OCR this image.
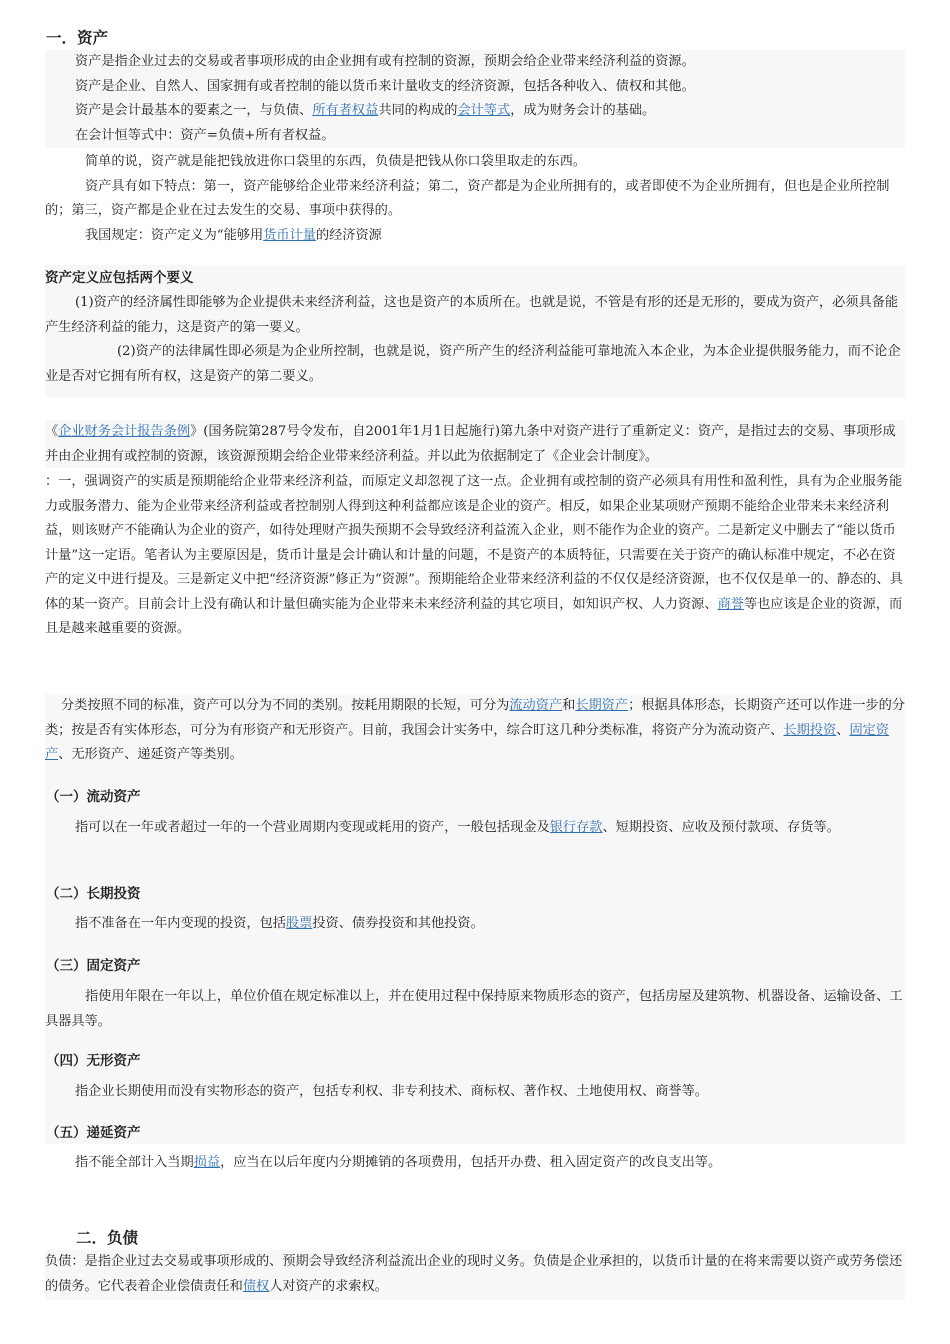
一．资产

资产是指企业过去的交易或者事项形成的由企业拥有或有控制的资源，预期会给企业带来经济利益的资源。

资产是企业、自然人、国家拥有或者控制的能以货币来计量收支的经济资源，包括各种收入、债权和其他。

资产是会计最基本的要素之一，与负债、所有者权益共同的构成的会计等式，成为财务会计的基础。

在会计恒等式中：资产=负债+所有者权益。

简单的说，资产就是能把钱放进你口袋里的东西，负债是把钱从你口袋里取走的东西。

资产具有如下特点：第一，资产能够给企业带来经济利益；第二，资产都是为企业所拥有的，或者即使不为企业所拥有，但也是企业所控制的；第三，资产都是企业在过去发生的交易、事项中获得的。

我国规定：资产定义为“能够用货币计量的经济资源

资产定义应包括两个要义

(1)资产的经济属性即能够为企业提供未来经济利益，这也是资产的本质所在。也就是说，不管是有形的还是无形的，要成为资产，必须具备能产生经济利益的能力，这是资产的第一要义。

(2)资产的法律属性即必须是为企业所控制，也就是说，资产所产生的经济利益能可靠地流入本企业，为本企业提供服务能力，而不论企业是否对它拥有所有权，这是资产的第二要义。

《企业财务会计报告条例》(国务院第287号令发布，自2001年1月1日起施行)第九条中对资产进行了重新定义：资产，是指过去的交易、事项形成并由企业拥有或控制的资源，该资源预期会给企业带来经济利益。并以此为依据制定了《企业会计制度》。

：一，强调资产的实质是预期能给企业带来经济利益，而原定义却忽视了这一点。企业拥有或控制的资产必须具有用性和盈利性，具有为企业服务能力或服务潜力、能为企业带来经济利益或者控制别人得到这种利益都应该是企业的资产。相反，如果企业某项财产预期不能给企业带来未来经济利益，则该财产不能确认为企业的资产，如待处理财产损失预期不会导致经济利益流入企业，则不能作为企业的资产。二是新定义中删去了“能以货币计量”这一定语。笔者认为主要原因是，货币计量是会计确认和计量的问题，不是资产的本质特征，只需要在关于资产的确认标准中规定，不必在资产的定义中进行提及。三是新定义中把“经济资源”修正为“资源”。预期能给企业带来经济利益的不仅仅是经济资源，也不仅仅是单一的、静态的、具体的某一资产。目前会计上没有确认和计量但确实能为企业带来未来经济利益的其它项目，如知识产权、人力资源、商誉等也应该是企业的资源，而且是越来越重要的资源。

分类按照不同的标准，资产可以分为不同的类别。按耗用期限的长短，可分为流动资产和长期资产；根据具体形态，长期资产还可以作进一步的分类；按是否有实体形态，可分为有形资产和无形资产。目前，我国会计实务中，综合盯这几种分类标准，将资产分为流动资产、长期投资、固定资产、无形资产、递延资产等类别。

（一）流动资产

指可以在一年或者超过一年的一个营业周期内变现或耗用的资产，一般包括现金及银行存款、短期投资、应收及预付款项、存货等。

（二）长期投资

指不准备在一年内变现的投资，包括股票投资、债券投资和其他投资。

（三）固定资产

指使用年限在一年以上，单位价值在规定标准以上，并在使用过程中保持原来物质形态的资产，包括房屋及建筑物、机器设备、运输设备、工具器具等。

（四）无形资产

指企业长期使用而没有实物形态的资产，包括专利权、非专利技术、商标权、著作权、土地使用权、商誉等。

（五）递延资产

指不能全部计入当期损益，应当在以后年度内分期摊销的各项费用，包括开办费、租入固定资产的改良支出等。

二．负债

负债：是指企业过去交易或事项形成的、预期会导致经济利益流出企业的现时义务。负债是企业承担的，以货币计量的在将来需要以资产或劳务偿还的债务。它代表着企业偿债责任和债权人对资产的求索权。
